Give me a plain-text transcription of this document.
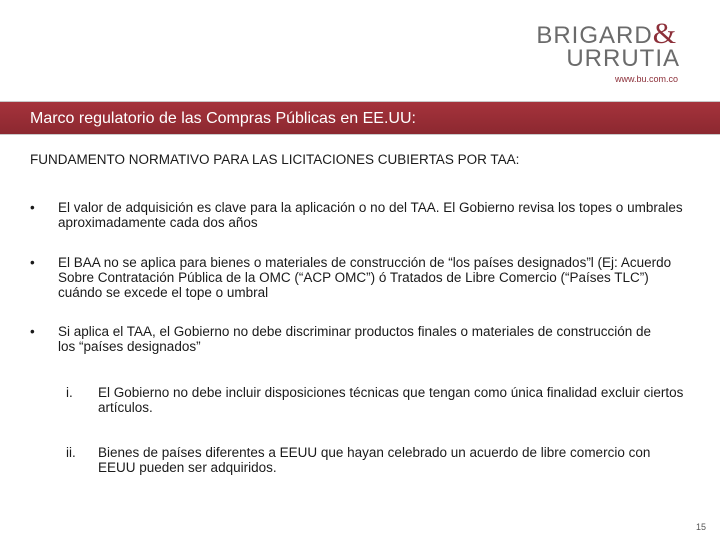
BRIGARD&
URRUTIA
www.bu.com.co
Marco regulatorio de las Compras Públicas en EE.UU:
FUNDAMENTO NORMATIVO PARA LAS LICITACIONES CUBIERTAS POR TAA:
• El valor de adquisición es clave para la aplicación o no del TAA. El Gobierno revisa los topes o umbrales aproximadamente cada dos años
• El BAA no se aplica para bienes o materiales de construcción de “los países designados”l (Ej: Acuerdo Sobre Contratación Pública de la OMC (“ACP OMC”) ó Tratados de Libre Comercio (“Países TLC”) cuándo se excede el tope o umbral
• Si aplica el TAA, el Gobierno no debe discriminar productos finales o materiales de construcción de los “países designados”
i. El Gobierno no debe incluir disposiciones técnicas que tengan como única finalidad excluir ciertos artículos.
ii. Bienes de países diferentes a EEUU que hayan celebrado un acuerdo de libre comercio con EEUU pueden ser adquiridos.
15
